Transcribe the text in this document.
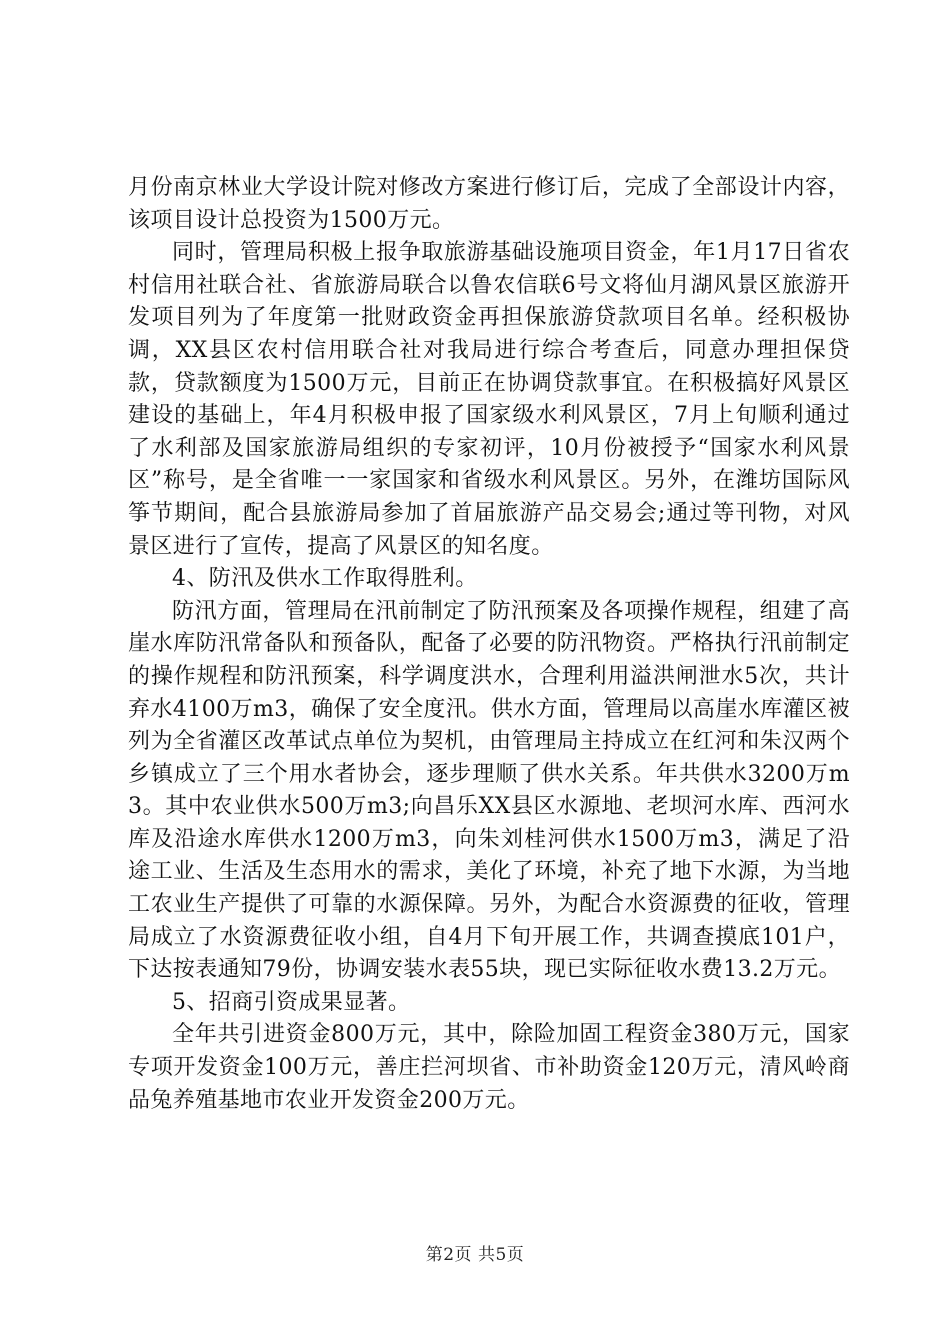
月份南京林业大学设计院对修改方案进行修订后，完成了全部设计内容，该项目设计总投资为1500万元。

同时，管理局积极上报争取旅游基础设施项目资金，年1月17日省农村信用社联合社、省旅游局联合以鲁农信联6号文将仙月湖风景区旅游开发项目列为了年度第一批财政资金再担保旅游贷款项目名单。经积极协调，XX县区农村信用联合社对我局进行综合考查后，同意办理担保贷款，贷款额度为1500万元，目前正在协调贷款事宜。在积极搞好风景区建设的基础上，年4月积极申报了国家级水利风景区，7月上旬顺利通过了水利部及国家旅游局组织的专家初评，10月份被授予“国家水利风景区”称号，是全省唯一一家国家和省级水利风景区。另外，在潍坊国际风筝节期间，配合县旅游局参加了首届旅游产品交易会;通过等刊物，对风景区进行了宣传，提高了风景区的知名度。

4、防汛及供水工作取得胜利。

防汛方面，管理局在汛前制定了防汛预案及各项操作规程，组建了高崖水库防汛常备队和预备队，配备了必要的防汛物资。严格执行汛前制定的操作规程和防汛预案，科学调度洪水，合理利用溢洪闸泄水5次，共计弃水4100万m3，确保了安全度汛。供水方面，管理局以高崖水库灌区被列为全省灌区改革试点单位为契机，由管理局主持成立在红河和朱汉两个乡镇成立了三个用水者协会，逐步理顺了供水关系。年共供水3200万m3。其中农业供水500万m3;向昌乐XX县区水源地、老坝河水库、西河水库及沿途水库供水1200万m3，向朱刘桂河供水1500万m3，满足了沿途工业、生活及生态用水的需求，美化了环境，补充了地下水源，为当地工农业生产提供了可靠的水源保障。另外，为配合水资源费的征收，管理局成立了水资源费征收小组，自4月下旬开展工作，共调查摸底101户，下达按表通知79份，协调安装水表55块，现已实际征收水费13.2万元。

5、招商引资成果显著。

全年共引进资金800万元，其中，除险加固工程资金380万元，国家专项开发资金100万元，善庄拦河坝省、市补助资金120万元，清风岭商品兔养殖基地市农业开发资金200万元。

第2页 共5页
